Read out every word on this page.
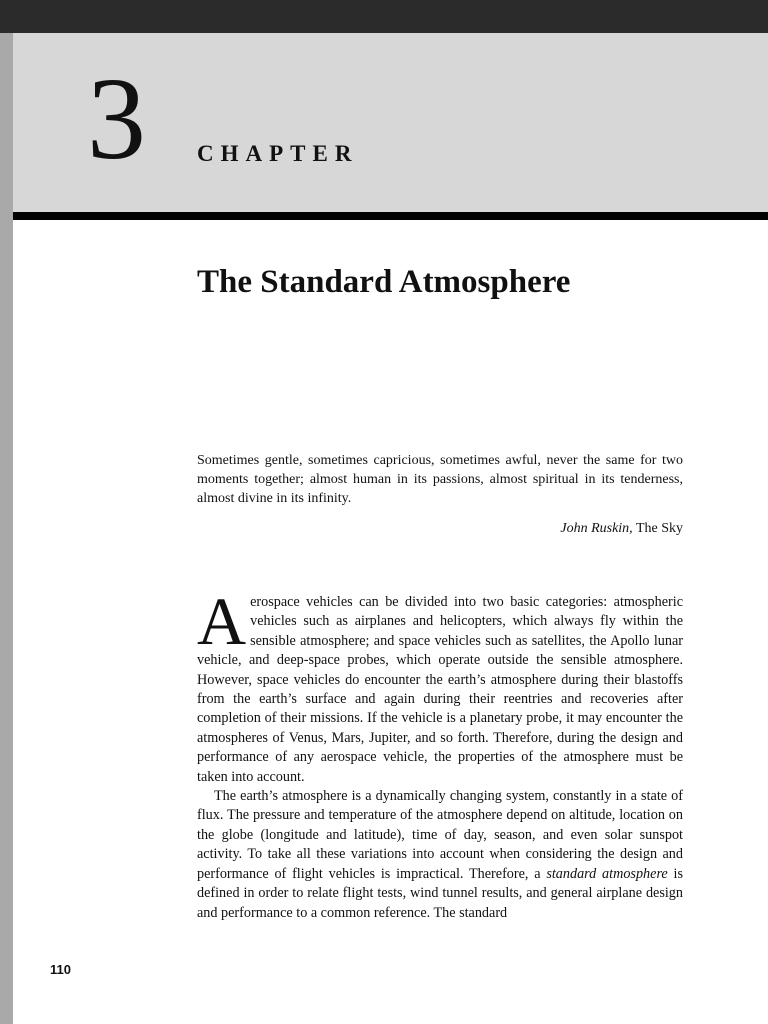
3 CHAPTER
The Standard Atmosphere
Sometimes gentle, sometimes capricious, sometimes awful, never the same for two moments together; almost human in its passions, almost spiritual in its tenderness, almost divine in its infinity.
John Ruskin, The Sky

Aerospace vehicles can be divided into two basic categories: atmospheric vehicles such as airplanes and helicopters, which always fly within the sensible atmosphere; and space vehicles such as satellites, the Apollo lunar vehicle, and deep-space probes, which operate outside the sensible atmosphere. However, space vehicles do encounter the earth’s atmosphere during their blastoffs from the earth’s surface and again during their reentries and recoveries after completion of their missions. If the vehicle is a planetary probe, it may encounter the atmospheres of Venus, Mars, Jupiter, and so forth. Therefore, during the design and performance of any aerospace vehicle, the properties of the atmosphere must be taken into account.

The earth’s atmosphere is a dynamically changing system, constantly in a state of flux. The pressure and temperature of the atmosphere depend on altitude, location on the globe (longitude and latitude), time of day, season, and even solar sunspot activity. To take all these variations into account when considering the design and performance of flight vehicles is impractical. Therefore, a standard atmosphere is defined in order to relate flight tests, wind tunnel results, and general airplane design and performance to a common reference. The standard

110
